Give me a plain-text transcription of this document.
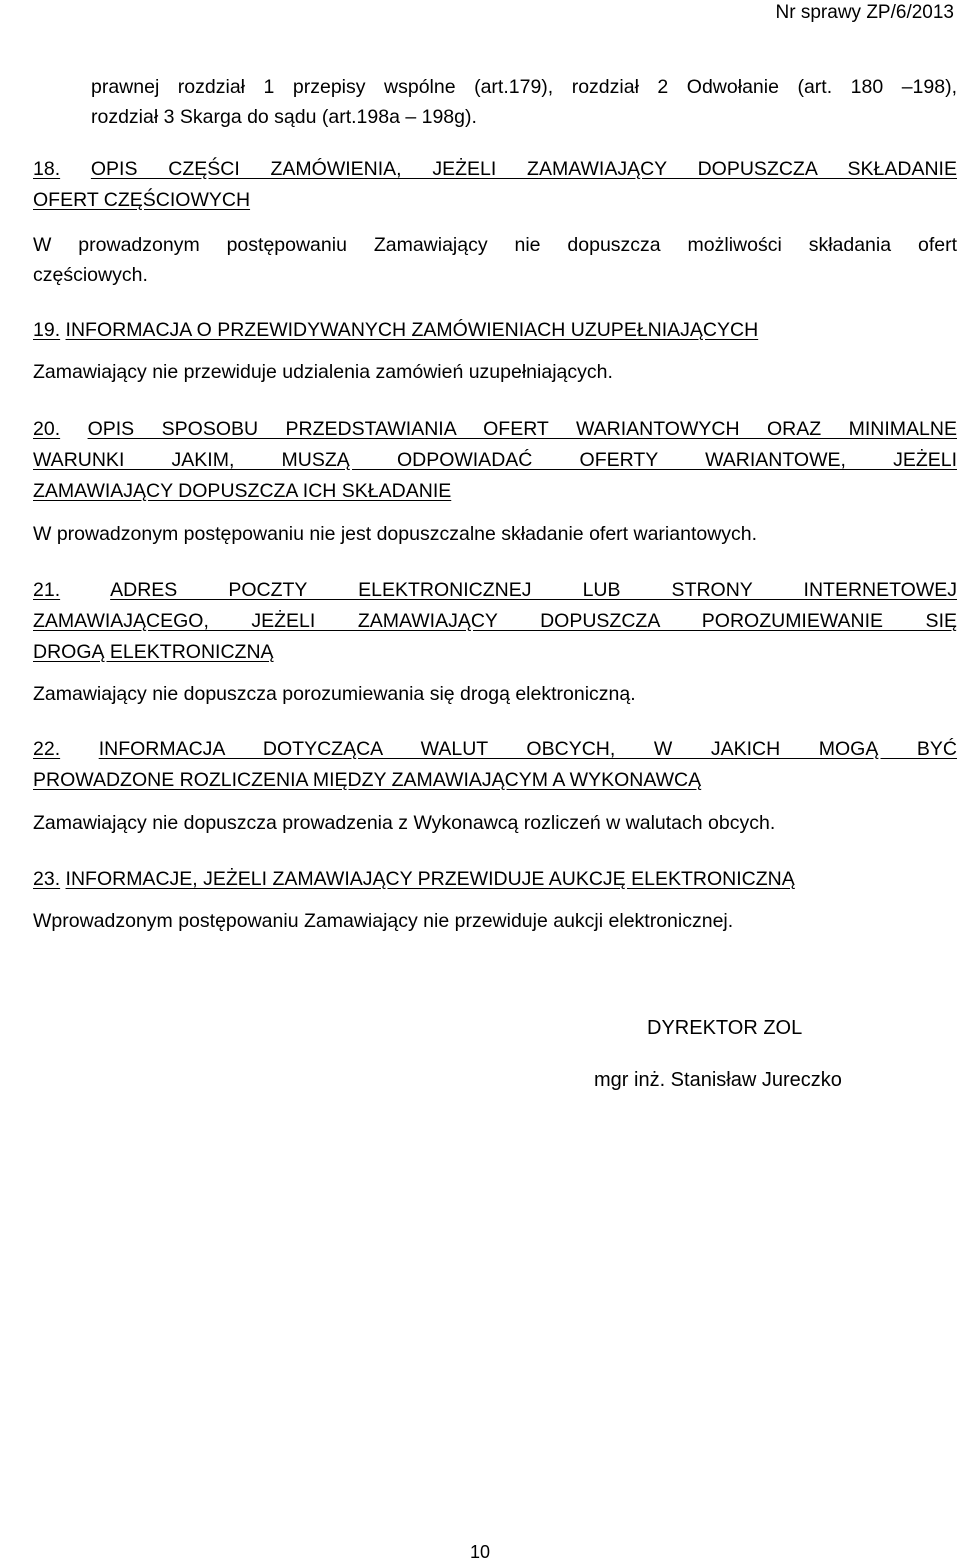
Nr sprawy ZP/6/2013
prawnej rozdział 1 przepisy wspólne (art.179), rozdział 2 Odwołanie (art. 180 –198),
rozdział 3 Skarga do sądu (art.198a – 198g).
18. OPIS CZĘŚCI ZAMÓWIENIA, JEŻELI ZAMAWIAJĄCY DOPUSZCZA SKŁADANIE
OFERT CZĘŚCIOWYCH
W prowadzonym postępowaniu Zamawiający nie dopuszcza możliwości składania ofert
częściowych.
19. INFORMACJA O PRZEWIDYWANYCH ZAMÓWIENIACH UZUPEŁNIAJĄCYCH
Zamawiający nie przewiduje udzialenia zamówień uzupełniających.
20. OPIS SPOSOBU PRZEDSTAWIANIA OFERT WARIANTOWYCH ORAZ MINIMALNE
WARUNKI JAKIM, MUSZĄ ODPOWIADAĆ OFERTY WARIANTOWE, JEŻELI
ZAMAWIAJĄCY DOPUSZCZA ICH SKŁADANIE
W prowadzonym postępowaniu nie jest dopuszczalne składanie ofert wariantowych.
21.	ADRES POCZTY ELEKTRONICZNEJ LUB STRONY INTERNETOWEJ
ZAMAWIAJĄCEGO, JEŻELI ZAMAWIAJĄCY DOPUSZCZA POROZUMIEWANIE SIĘ
DROGĄ ELEKTRONICZNĄ
Zamawiający nie dopuszcza porozumiewania się drogą elektroniczną.
22. INFORMACJA DOTYCZĄCA WALUT OBCYCH, W JAKICH MOGĄ BYĆ
PROWADZONE ROZLICZENIA MIĘDZY ZAMAWIAJĄCYM A WYKONAWCĄ
Zamawiający nie dopuszcza prowadzenia z Wykonawcą rozliczeń w walutach obcych.
23. INFORMACJE, JEŻELI ZAMAWIAJĄCY PRZEWIDUJE AUKCJĘ ELEKTRONICZNĄ
Wprowadzonym postępowaniu Zamawiający nie przewiduje aukcji elektronicznej.
DYREKTOR ZOL
mgr inż. Stanisław Jureczko
10
